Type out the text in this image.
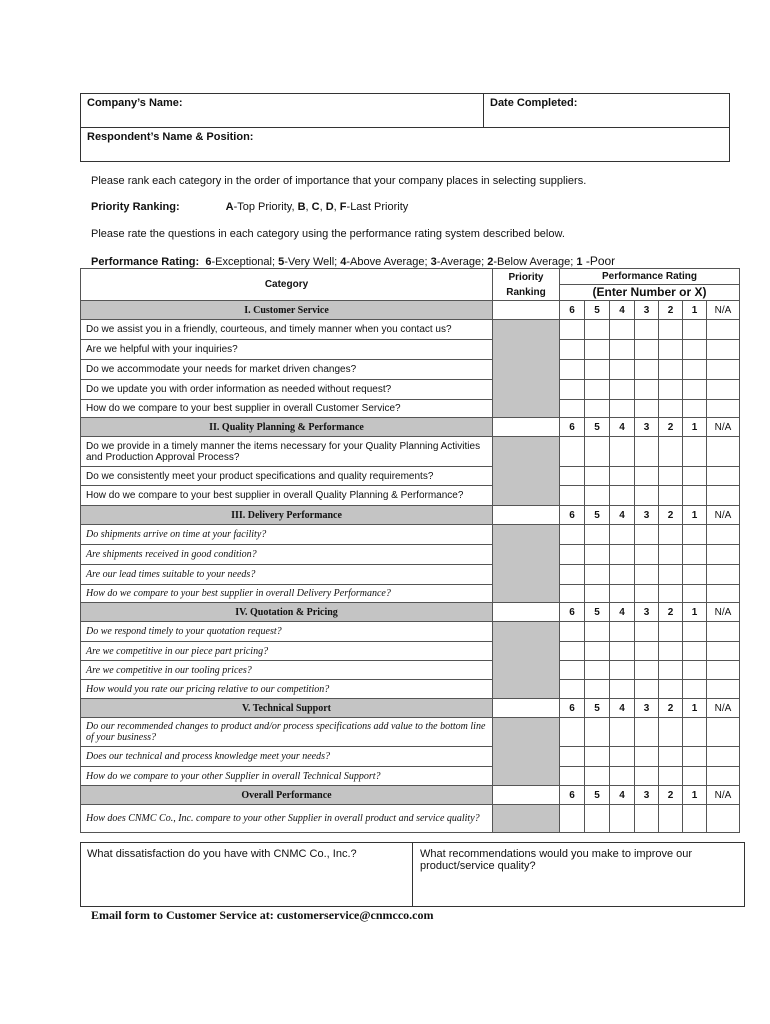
Company’s Name:	Date Completed:
Respondent’s Name & Position:
Please rank each category in the order of importance that your company places in selecting suppliers.
Priority Ranking:	A-Top Priority, B, C, D, F-Last Priority
Please rate the questions in each category using the performance rating system described below.
Performance Rating: 6-Exceptional; 5-Very Well; 4-Above Average; 3-Average; 2-Below Average; 1 -Poor
Category	Priority Ranking	Performance Rating						
		(Enter Number or X)						
I. Customer Service		6	5	4	3	2	1	N/A
Do we assist you in a friendly, courteous, and timely manner when you contact us?								
Are we helpful with your inquiries?								
Do we accommodate your needs for market driven changes?								
Do we update you with order information as needed without request?								
How do we compare to your best supplier in overall Customer Service?								
II. Quality Planning & Performance		6	5	4	3	2	1	N/A
Do we provide in a timely manner the items necessary for your Quality Planning Activities and Production Approval Process?								
Do we consistently meet your product specifications and quality requirements?								
How do we compare to your best supplier in overall Quality Planning & Performance?								
III. Delivery Performance		6	5	4	3	2	1	N/A
Do shipments arrive on time at your facility?								
Are shipments received in good condition?								
Are our lead times suitable to your needs?								
How do we compare to your best supplier in overall Delivery Performance?								
IV. Quotation & Pricing		6	5	4	3	2	1	N/A
Do we respond timely to your quotation request?								
Are we competitive in our piece part pricing?								
Are we competitive in our tooling prices?								
How would you rate our pricing relative to our competition?								
V. Technical Support		6	5	4	3	2	1	N/A
Do our recommended changes to product and/or process specifications add value to the bottom line of your business?								
Does our technical and process knowledge meet your needs?								
How do we compare to your other Supplier in overall Technical Support?								
Overall Performance		6	5	4	3	2	1	N/A
How does CNMC Co., Inc. compare to your other Supplier in overall product and service quality?								
What dissatisfaction do you have with CNMC Co., Inc.?	What recommendations would you make to improve our product/service quality?
Email form to Customer Service at: customerservice@cnmcco.com
